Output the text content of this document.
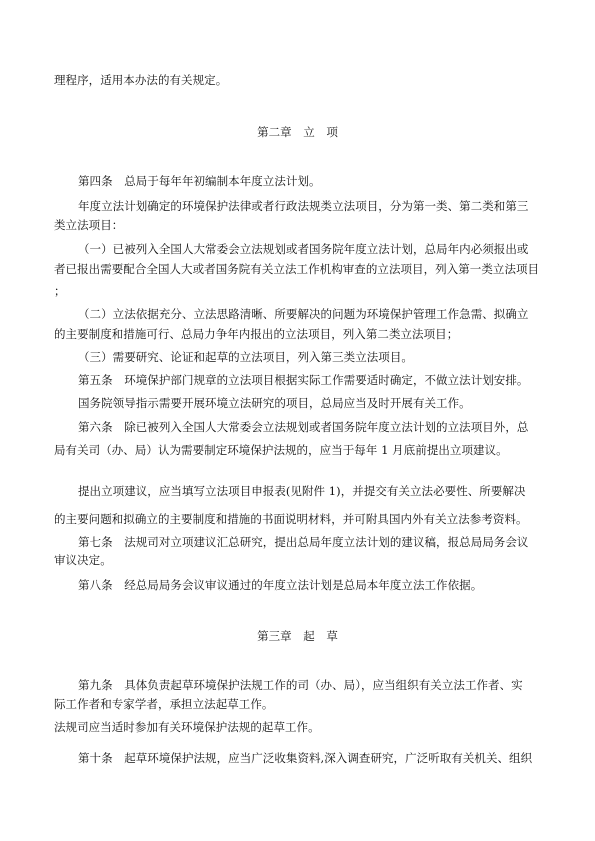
理程序，适用本办法的有关规定。
第二章　立　项
第四条　总局于每年年初编制本年度立法计划。
年度立法计划确定的环境保护法律或者行政法规类立法项目，分为第一类、第二类和第三
类立法项目：
（一）已被列入全国人大常委会立法规划或者国务院年度立法计划，总局年内必须报出或
者已报出需要配合全国人大或者国务院有关立法工作机构审查的立法项目，列入第一类立法项目
；
（二）立法依据充分、立法思路清晰、所要解决的问题为环境保护管理工作急需、拟确立
的主要制度和措施可行、总局力争年内报出的立法项目，列入第二类立法项目；
（三）需要研究、论证和起草的立法项目，列入第三类立法项目。
第五条　环境保护部门规章的立法项目根据实际工作需要适时确定，不做立法计划安排。
国务院领导指示需要开展环境立法研究的项目，总局应当及时开展有关工作。
第六条　除已被列入全国人大常委会立法规划或者国务院年度立法计划的立法项目外，总
局有关司（办、局）认为需要制定环境保护法规的，应当于每年 1 月底前提出立项建议。
提出立项建议，应当填写立法项目申报表(见附件 1)，并提交有关立法必要性、所要解决
的主要问题和拟确立的主要制度和措施的书面说明材料，并可附具国内外有关立法参考资料。
第七条　法规司对立项建议汇总研究，提出总局年度立法计划的建议稿，报总局局务会议
审议决定。
第八条　经总局局务会议审议通过的年度立法计划是总局本年度立法工作依据。
第三章　起　草
第九条　具体负责起草环境保护法规工作的司（办、局），应当组织有关立法工作者、实
际工作者和专家学者，承担立法起草工作。
法规司应当适时参加有关环境保护法规的起草工作。
第十条　起草环境保护法规，应当广泛收集资料,深入调查研究，广泛听取有关机关、组织
